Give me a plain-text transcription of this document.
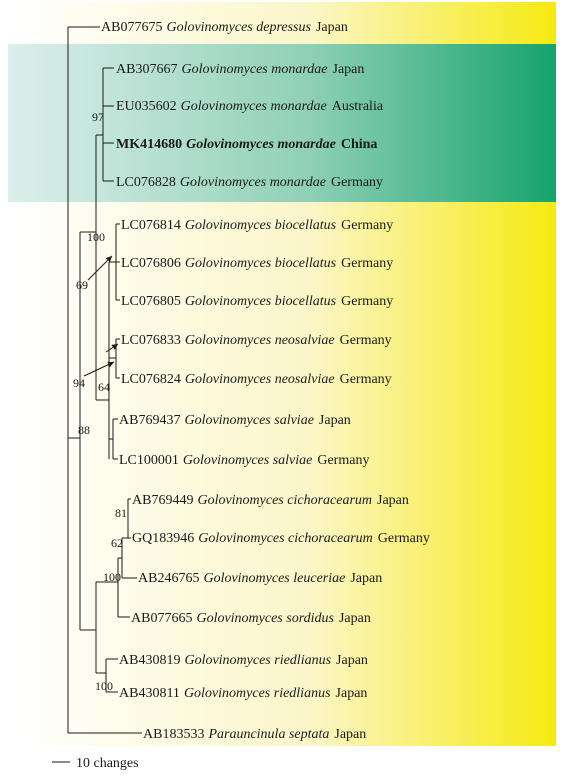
AB077675 Golovinomyces depressus Japan
AB307667 Golovinomyces monardae Japan
EU035602 Golovinomyces monardae Australia
MK414680 Golovinomyces monardae China
LC076828 Golovinomyces monardae Germany
LC076814 Golovinomyces biocellatus Germany
LC076806 Golovinomyces biocellatus Germany
LC076805 Golovinomyces biocellatus Germany
LC076833 Golovinomyces neosalviae Germany
LC076824 Golovinomyces neosalviae Germany
AB769437 Golovinomyces salviae Japan
LC100001 Golovinomyces salviae Germany
AB769449 Golovinomyces cichoracearum Japan
GQ183946 Golovinomyces cichoracearum Germany
AB246765 Golovinomyces leuceriae Japan
AB077665 Golovinomyces sordidus Japan
AB430819 Golovinomyces riedlianus Japan
AB430811 Golovinomyces riedlianus Japan
AB183533 Parauncinula septata Japan
97
100
69
94 64
88
81
62
100
100
10 changes
